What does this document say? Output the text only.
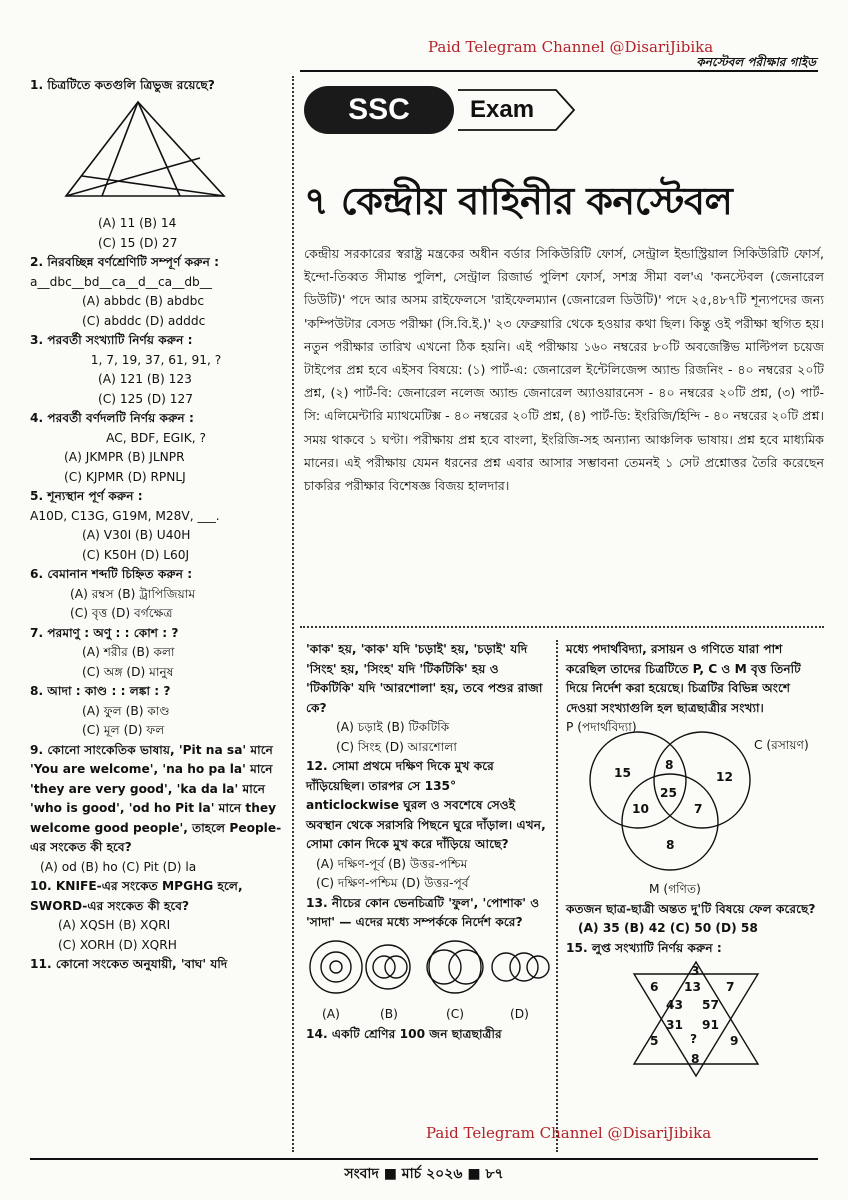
Paid Telegram Channel @DisariJibika
কনস্টেবল পরীক্ষার গাইড

1. চিত্রটিতে কতগুলি ত্রিভুজ রয়েছে?

(A) 11 (B) 14

(C) 15 (D) 27

2. নিরবচ্ছিন্ন বর্ণশ্রেণিটি সম্পূর্ণ করুন :

a__dbc__bd__ca__d__ca__db__

(A) abbdc (B) abdbc

(C) abddc (D) adddc

3. পরবর্তী সংখ্যাটি নির্ণয় করুন :

1, 7, 19, 37, 61, 91, ?

(A) 121 (B) 123

(C) 125 (D) 127

4. পরবর্তী বর্ণদলটি নির্ণয় করুন :

AC, BDF, EGIK, ?

(A) JKMPR (B) JLNPR

(C) KJPMR (D) RPNLJ

5. শূন্যস্থান পূর্ণ করুন :

A10D, C13G, G19M, M28V, ___.

(A) V30I (B) U40H

(C) K50H (D) L60J

6. বেমানান শব্দটি চিহ্নিত করুন :

(A) রম্বস (B) ট্রাপিজিয়াম

(C) বৃত্ত (D) বর্গক্ষেত্র

7. পরমাণু : অণু : : কোশ : ?

(A) শরীর (B) কলা

(C) অঙ্গ (D) মানুষ

8. আদা : কাণ্ড : : লঙ্কা : ?

(A) ফুল (B) কাণ্ড

(C) মূল (D) ফল

9. কোনো সাংকেতিক ভাষায়, 'Pit na sa' মানে 'You are welcome', 'na ho pa la' মানে 'they are very good', 'ka da la' মানে 'who is good', 'od ho Pit la' মানে they welcome good people', তাহলে People-এর সংকেত কী হবে?

(A) od (B) ho (C) Pit (D) la

10. KNIFE-এর সংকেত MPGHG হলে, SWORD-এর সংকেত কী হবে?

(A) XQSH (B) XQRI

(C) XORH (D) XQRH

11. কোনো সংকেত অনুযায়ী, 'বাঘ' যদি

SSC	Exam
৭ কেন্দ্রীয় বাহিনীর কনস্টেবল
কেন্দ্রীয় সরকারের স্বরাষ্ট্র মন্ত্রকের অধীন বর্ডার সিকিউরিটি ফোর্স, সেন্ট্রাল ইন্ডাস্ট্রিয়াল সিকিউরিটি ফোর্স, ইন্দো-তিব্বত সীমান্ত পুলিশ, সেন্ট্রাল রিজার্ভ পুলিশ ফোর্স, সশস্ত্র সীমা বল'এ 'কনস্টেবল (জেনারেল ডিউটি)' পদে আর অসম রাইফেলসে 'রাইফেলম্যান (জেনারেল ডিউটি)' পদে ২৫,৪৮৭টি শূন্যপদের জন্য 'কম্পিউটার বেসড পরীক্ষা (সি.বি.ই.)' ২৩ ফেব্রুয়ারি থেকে হওয়ার কথা ছিল। কিন্তু ওই পরীক্ষা স্থগিত হয়। নতুন পরীক্ষার তারিখ এখনো ঠিক হয়নি। এই পরীক্ষায় ১৬০ নম্বরের ৮০টি অবজেক্টিভ মাল্টিপল চয়েজ টাইপের প্রশ্ন হবে এইসব বিষয়ে: (১) পার্ট-এ: জেনারেল ইন্টেলিজেন্স অ্যান্ড রিজনিং - ৪০ নম্বরের ২০টি প্রশ্ন, (২) পার্ট-বি: জেনারেল নলেজ অ্যান্ড জেনারেল অ্যাওয়ারনেস - ৪০ নম্বরের ২০টি প্রশ্ন, (৩) পার্ট-সি: এলিমেন্টারি ম্যাথমেটিক্স - ৪০ নম্বরের ২০টি প্রশ্ন, (৪) পার্ট-ডি: ইংরিজি/হিন্দি - ৪০ নম্বরের ২০টি প্রশ্ন। সময় থাকবে ১ ঘণ্টা। পরীক্ষায় প্রশ্ন হবে বাংলা, ইংরিজি-সহ অন্যান্য আঞ্চলিক ভাষায়। প্রশ্ন হবে মাধ্যমিক মানের। এই পরীক্ষায় যেমন ধরনের প্রশ্ন এবার আসার সম্ভাবনা তেমনই ১ সেট প্রশ্নোত্তর তৈরি করেছেন চাকরির পরীক্ষার বিশেষজ্ঞ বিজয় হালদার।

'কাক' হয়, 'কাক' যদি 'চড়াই' হয়, 'চড়াই' যদি 'সিংহ' হয়, 'সিংহ' যদি 'টিকটিকি' হয় ও 'টিকটিকি' যদি 'আরশোলা' হয়, তবে পশুর রাজা কে?

(A) চড়াই (B) টিকটিকি

(C) সিংহ (D) আরশোলা

12. সোমা প্রথমে দক্ষিণ দিকে মুখ করে দাঁড়িয়েছিল। তারপর সে 135° anticlockwise ঘুরল ও সবশেষে সেওই অবস্থান থেকে সরাসরি পিছনে ঘুরে দাঁড়াল। এখন, সোমা কোন দিকে মুখ করে দাঁড়িয়ে আছে?

(A) দক্ষিণ-পূর্ব (B) উত্তর-পশ্চিম

(C) দক্ষিণ-পশ্চিম (D) উত্তর-পূর্ব

13. নীচের কোন ভেনচিত্রটি 'ফুল', 'পোশাক' ও 'সাদা' — এদের মধ্যে সম্পর্ককে নির্দেশ করে?

(A)	(B)	(C)	(D)

14. একটি শ্রেণির 100 জন ছাত্রছাত্রীর

মধ্যে পদার্থবিদ্যা, রসায়ন ও গণিতে যারা পাশ করেছিল তাদের চিত্রটিতে P, C ও M বৃত্ত তিনটি দিয়ে নির্দেশ করা হয়েছে। চিত্রটির বিভিন্ন অংশে দেওয়া সংখ্যাগুলি হল ছাত্রছাত্রীর সংখ্যা।

P (পদার্থবিদ্যা)
C (রসায়ণ)
15
8
12
25
10	7
8

M (গণিত)

কতজন ছাত্র-ছাত্রী অন্তত দু'টি বিষয়ে ফেল করেছে?

(A) 35 (B) 42 (C) 50 (D) 58

15. লুপ্ত সংখ্যাটি নির্ণয় করুন :

3
6 13 7
43 57
31 91
5	?	9
8
Paid Telegram Channel @DisariJibika
সংবাদ ■ মার্চ ২০২৬ ■ ৮৭
